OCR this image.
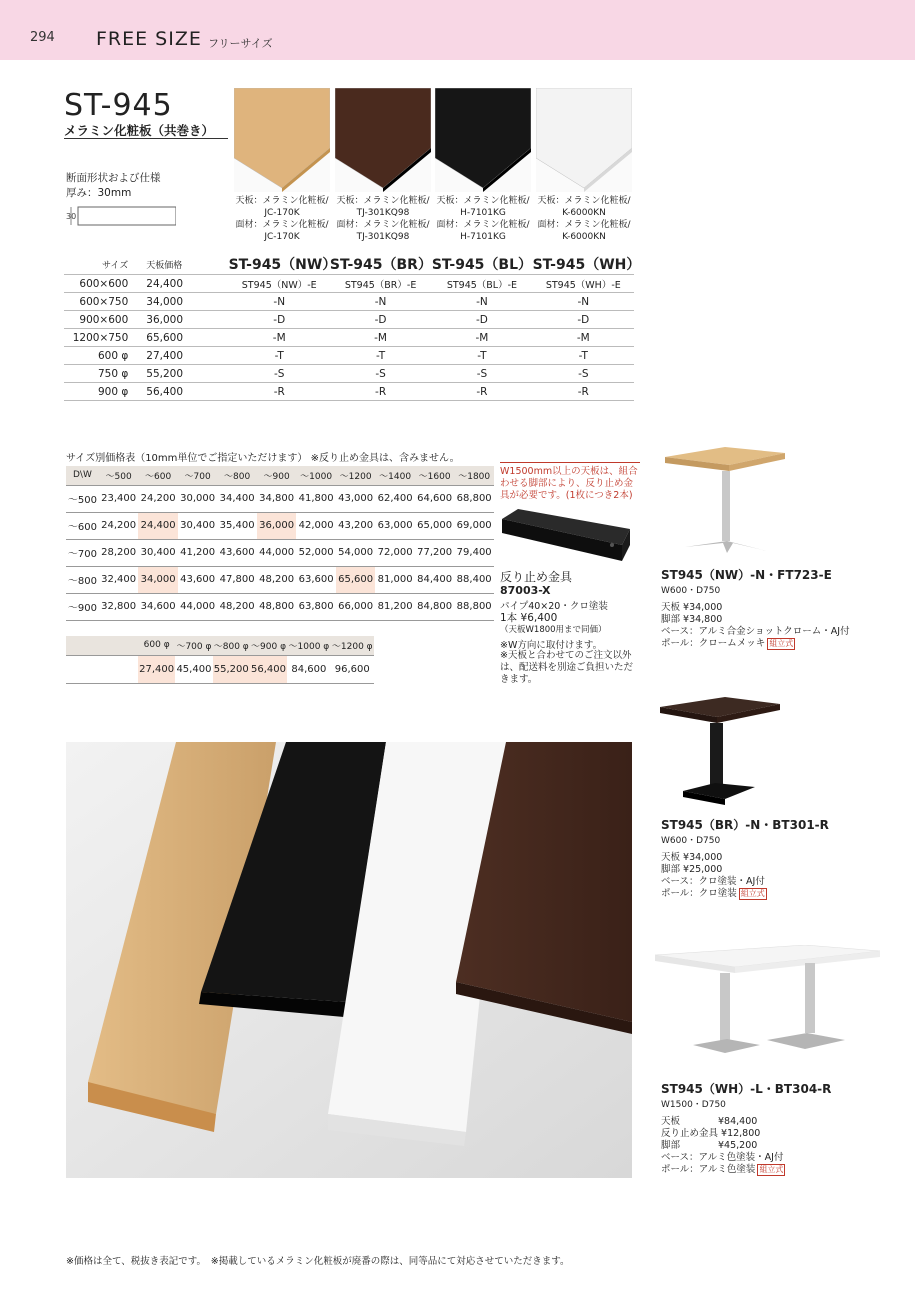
294 FREE SIZE フリーサイズ
ST-945
メラミン化粧板（共巻き）
断面形状および仕様
厚み：30mm
30
天板：メラミン化粧板/
JC-170K
面材：メラミン化粧板/
JC-170K
天板：メラミン化粧板/
TJ-301KQ98
面材：メラミン化粧板/
TJ-301KQ98
天板：メラミン化粧板/
H-7101KG
面材：メラミン化粧板/
H-7101KG
天板：メラミン化粧板/
K-6000KN
面材：メラミン化粧板/
K-6000KN
サイズ	天板価格	ST-945（NW）	ST-945（BR）	ST-945（BL）	ST-945（WH）
600×600	24,400	ST945（NW）-E	ST945（BR）-E	ST945（BL）-E	ST945（WH）-E
600×750	34,000	-N	-N	-N	-N
900×600	36,000	-D	-D	-D	-D
1200×750	65,600	-M	-M	-M	-M
600 φ	27,400	-T	-T	-T	-T
750 φ	55,200	-S	-S	-S	-S
900 φ	56,400	-R	-R	-R	-R
サイズ別価格表（10mm単位でご指定いただけます） ※反り止め金具は、含みません。
D\W	～500	～600	～700	～800	～900	～1000	～1200	～1400	～1600	～1800
～500	23,400	24,200	30,000	34,400	34,800	41,800	43,000	62,400	64,600	68,800
～600	24,200	24,400	30,400	35,400	36,000	42,000	43,200	63,000	65,000	69,000
～700	28,200	30,400	41,200	43,600	44,000	52,000	54,000	72,000	77,200	79,400
～800	32,400	34,000	43,600	47,800	48,200	63,600	65,600	81,000	84,400	88,400
～900	32,800	34,600	44,000	48,200	48,800	63,800	66,000	81,200	84,800	88,800
	600 φ	～700 φ	～800 φ	～900 φ	～1000 φ	～1200 φ
	27,400	45,400	55,200	56,400	84,600	96,600
W1500mm以上の天板は、組合わせる脚部により、反り止め金具が必要です。(1枚につき2本)
反り止め金具
87003-X
パイプ40×20・クロ塗装
1本 ¥6,400
（天板W1800用まで同価）
※W方向に取付けます。
※天板と合わせてのご注文以外は、配送料を別途ご負担いただきます。
ST945（NW）-N・FT723-E
W600・D750
天板 ¥34,000
脚部 ¥34,800
ベース：アルミ合金ショットクローム・AJ付
ポール：クロームメッキ 組立式
ST945（BR）-N・BT301-R
W600・D750
天板 ¥34,000
脚部 ¥25,000
ベース：クロ塗装・AJ付
ポール：クロ塗装 組立式
ST945（WH）-L・BT304-R
W1500・D750
天板　　　　¥84,400
反り止め金具 ¥12,800
脚部　　　　¥45,200
ベース：アルミ色塗装・AJ付
ポール：アルミ色塗装 組立式
※価格は全て、税抜き表記です。　※掲載しているメラミン化粧板が廃番の際は、同等品にて対応させていただきます。
